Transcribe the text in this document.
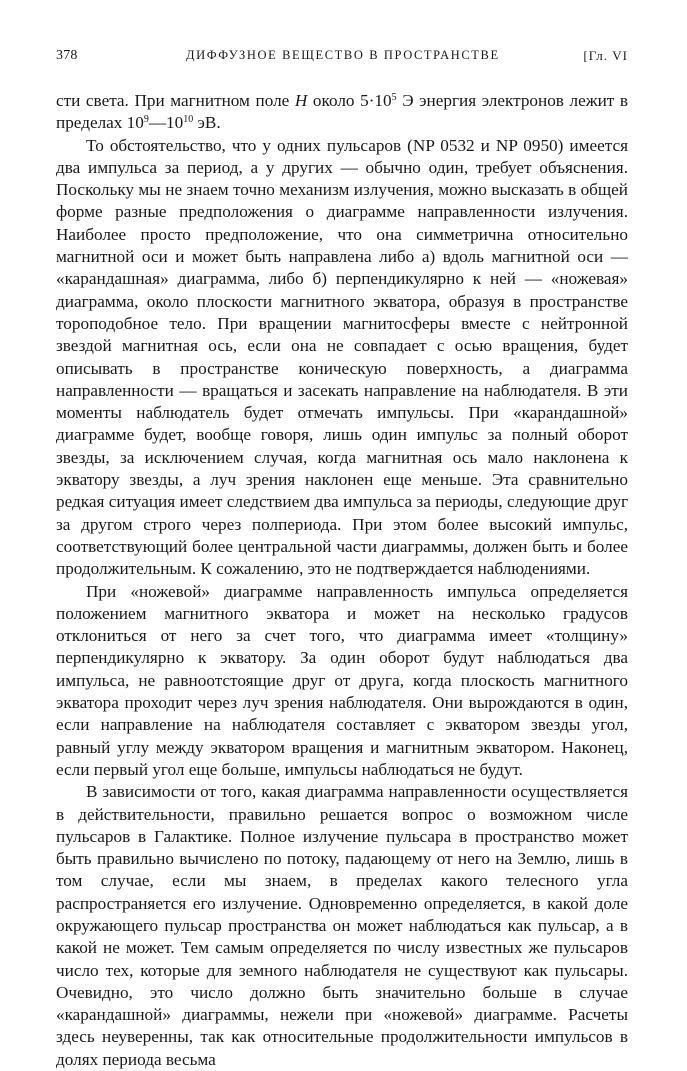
378	ДИФФУЗНОЕ ВЕЩЕСТВО В ПРОСТРАНСТВЕ	[Гл. VI

сти света. При магнитном поле H около $5\cdot 10^5$ Э энергия электронов лежит в пределах $10^9—10^{10}$ эВ.

То обстоятельство, что у одних пульсаров (NP 0532 и NP 0950) имеется два импульса за период, а у других — обычно один, требует объяснения. Поскольку мы не знаем точно механизм излучения, можно высказать в общей форме разные предположения о диаграмме направленности излучения. Наиболее просто предположение, что она симметрична относительно магнитной оси и может быть направлена либо а) вдоль магнитной оси — «карандашная» диаграмма, либо б) перпендикулярно к ней — «ножевая» диаграмма, около плоскости магнитного экватора, образуя в пространстве тороподобное тело. При вращении магнитосферы вместе с нейтронной звездой магнитная ось, если она не совпадает с осью вращения, будет описывать в пространстве коническую поверхность, а диаграмма направленности — вращаться и засекать направление на наблюдателя. В эти моменты наблюдатель будет отмечать импульсы. При «карандашной» диаграмме будет, вообще говоря, лишь один импульс за полный оборот звезды, за исключением случая, когда магнитная ось мало наклонена к экватору звезды, а луч зрения наклонен еще меньше. Эта сравнительно редкая ситуация имеет следствием два импульса за периоды, следующие друг за другом строго через полпериода. При этом более высокий импульс, соответствующий более центральной части диаграммы, должен быть и более продолжительным. К сожалению, это не подтверждается наблюдениями.

При «ножевой» диаграмме направленность импульса определяется положением магнитного экватора и может на несколько градусов отклониться от него за счет того, что диаграмма имеет «толщину» перпендикулярно к экватору. За один оборот будут наблюдаться два импульса, не равноотстоящие друг от друга, когда плоскость магнитного экватора проходит через луч зрения наблюдателя. Они вырождаются в один, если направление на наблюдателя составляет с экватором звезды угол, равный углу между экватором вращения и магнитным экватором. Наконец, если первый угол еще больше, импульсы наблюдаться не будут.

В зависимости от того, какая диаграмма направленности осуществляется в действительности, правильно решается вопрос о возможном числе пульсаров в Галактике. Полное излучение пульсара в пространство может быть правильно вычислено по потоку, падающему от него на Землю, лишь в том случае, если мы знаем, в пределах какого телесного угла распространяется его излучение. Одновременно определяется, в какой доле окружающего пульсар пространства он может наблюдаться как пульсар, а в какой не может. Тем самым определяется по числу известных же пульсаров число тех, которые для земного наблюдателя не существуют как пульсары. Очевидно, это число должно быть значительно больше в случае «карандашной» диаграммы, нежели при «ножевой» диаграмме. Расчеты здесь неуверенны, так как относительные продолжительности импульсов в долях периода весьма
